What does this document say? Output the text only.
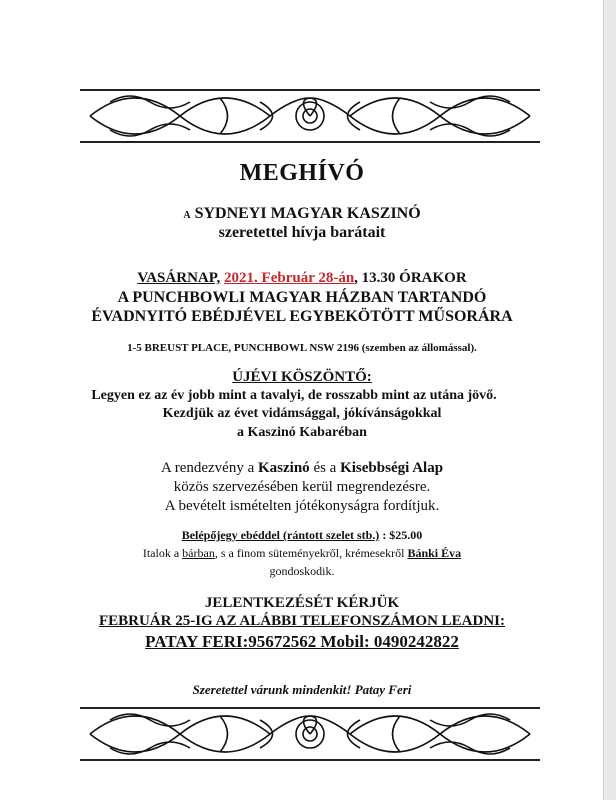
MEGHÍVÓ
A SYDNEYI MAGYAR KASZINÓ
szeretettel hívja barátait
VASÁRNAP, 2021. Február 28-án, 13.30 ÓRAKOR
A PUNCHBOWLI MAGYAR HÁZBAN TARTANDÓ
ÉVADNYITÓ EBÉDJÉVEL EGYBEKÖTÖTT MŰSORÁRA
1-5 BREUST PLACE, PUNCHBOWL NSW 2196 (szemben az állomással).
ÚJÉVI KÖSZÖNTŐ:
Legyen ez az év jobb mint a tavalyi, de rosszabb mint az utána jövő.
Kezdjük az évet vidámsággal, jókívánságokkal
a Kaszinó Kabaréban
A rendezvény a Kaszinó és a Kisebbségi Alap
közös szervezésében kerül megrendezésre.
A bevételt ismételten jótékonyságra fordítjuk.
Belépőjegy ebéddel (rántott szelet stb.) : $25.00
Italok a bárban, s a finom süteményekről, krémesekről Bánki Éva
gondoskodik.
JELENTKEZÉSÉT KÉRJÜK
FEBRUÁR 25-IG AZ ALÁBBI TELEFONSZÁMON LEADNI:
PATAY FERI:95672562 Mobil: 0490242822
Szeretettel várunk mindenkit! Patay Feri
